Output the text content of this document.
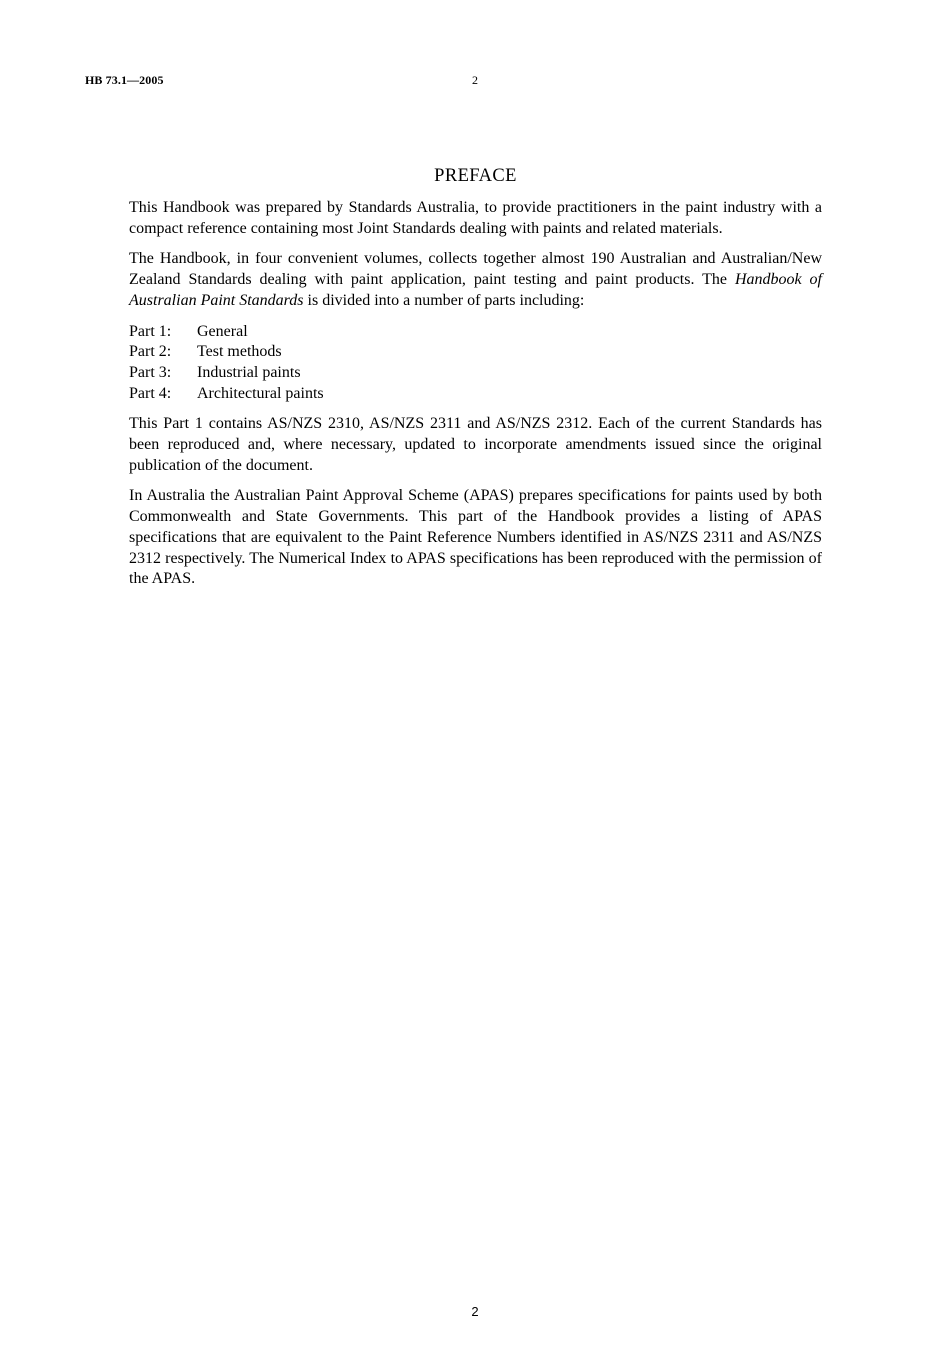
HB 73.1—2005	2
PREFACE

This Handbook was prepared by Standards Australia, to provide practitioners in the paint industry with a compact reference containing most Joint Standards dealing with paints and related materials.

The Handbook, in four convenient volumes, collects together almost 190 Australian and Australian/New Zealand Standards dealing with paint application, paint testing and paint products. The Handbook of Australian Paint Standards is divided into a number of parts including:

Part 1:	General
Part 2:	Test methods
Part 3:	Industrial paints
Part 4:	Architectural paints

This Part 1 contains AS/NZS 2310, AS/NZS 2311 and AS/NZS 2312. Each of the current Standards has been reproduced and, where necessary, updated to incorporate amendments issued since the original publication of the document.

In Australia the Australian Paint Approval Scheme (APAS) prepares specifications for paints used by both Commonwealth and State Governments. This part of the Handbook provides a listing of APAS specifications that are equivalent to the Paint Reference Numbers identified in AS/NZS 2311 and AS/NZS 2312 respectively. The Numerical Index to APAS specifications has been reproduced with the permission of the APAS.

2
